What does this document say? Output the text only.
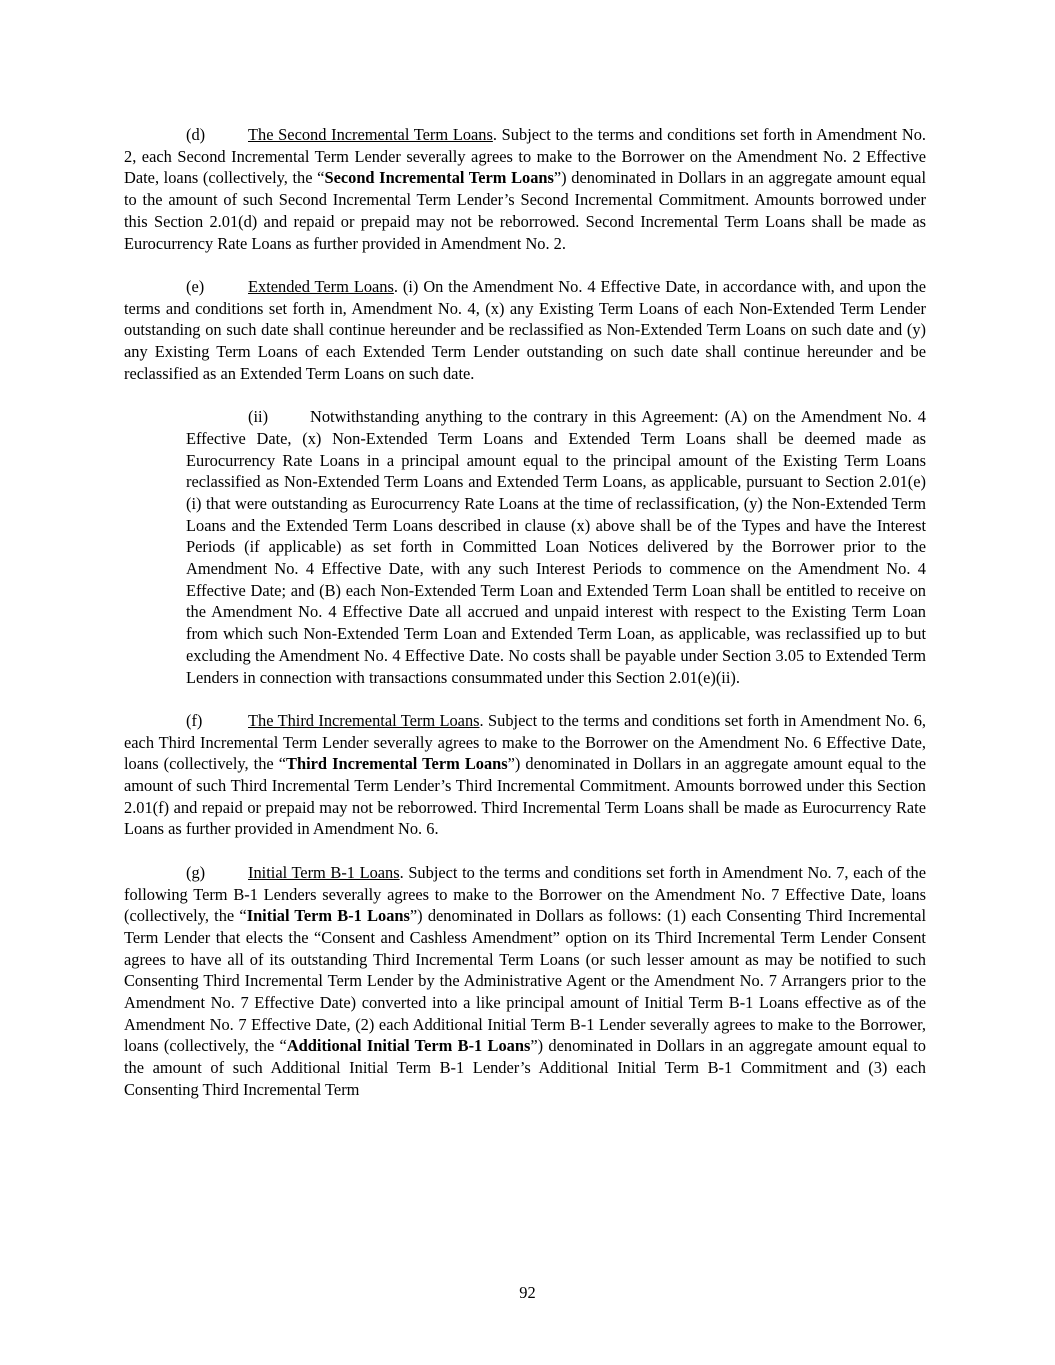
(d)	The Second Incremental Term Loans. Subject to the terms and conditions set forth in Amendment No. 2, each Second Incremental Term Lender severally agrees to make to the Borrower on the Amendment No. 2 Effective Date, loans (collectively, the “Second Incremental Term Loans”) denominated in Dollars in an aggregate amount equal to the amount of such Second Incremental Term Lender’s Second Incremental Commitment. Amounts borrowed under this Section 2.01(d) and repaid or prepaid may not be reborrowed. Second Incremental Term Loans shall be made as Eurocurrency Rate Loans as further provided in Amendment No. 2.

(e)	Extended Term Loans. (i) On the Amendment No. 4 Effective Date, in accordance with, and upon the terms and conditions set forth in, Amendment No. 4, (x) any Existing Term Loans of each Non-Extended Term Lender outstanding on such date shall continue hereunder and be reclassified as Non-Extended Term Loans on such date and (y) any Existing Term Loans of each Extended Term Lender outstanding on such date shall continue hereunder and be reclassified as an Extended Term Loans on such date.

(ii)	Notwithstanding anything to the contrary in this Agreement: (A) on the Amendment No. 4 Effective Date, (x) Non-Extended Term Loans and Extended Term Loans shall be deemed made as Eurocurrency Rate Loans in a principal amount equal to the principal amount of the Existing Term Loans reclassified as Non-Extended Term Loans and Extended Term Loans, as applicable, pursuant to Section 2.01(e)(i) that were outstanding as Eurocurrency Rate Loans at the time of reclassification, (y) the Non-Extended Term Loans and the Extended Term Loans described in clause (x) above shall be of the Types and have the Interest Periods (if applicable) as set forth in Committed Loan Notices delivered by the Borrower prior to the Amendment No. 4 Effective Date, with any such Interest Periods to commence on the Amendment No. 4 Effective Date; and (B) each Non-Extended Term Loan and Extended Term Loan shall be entitled to receive on the Amendment No. 4 Effective Date all accrued and unpaid interest with respect to the Existing Term Loan from which such Non-Extended Term Loan and Extended Term Loan, as applicable, was reclassified up to but excluding the Amendment No. 4 Effective Date. No costs shall be payable under Section 3.05 to Extended Term Lenders in connection with transactions consummated under this Section 2.01(e)(ii).

(f)	The Third Incremental Term Loans. Subject to the terms and conditions set forth in Amendment No. 6, each Third Incremental Term Lender severally agrees to make to the Borrower on the Amendment No. 6 Effective Date, loans (collectively, the “Third Incremental Term Loans”) denominated in Dollars in an aggregate amount equal to the amount of such Third Incremental Term Lender’s Third Incremental Commitment. Amounts borrowed under this Section 2.01(f) and repaid or prepaid may not be reborrowed. Third Incremental Term Loans shall be made as Eurocurrency Rate Loans as further provided in Amendment No. 6.

(g)	Initial Term B-1 Loans. Subject to the terms and conditions set forth in Amendment No. 7, each of the following Term B-1 Lenders severally agrees to make to the Borrower on the Amendment No. 7 Effective Date, loans (collectively, the “Initial Term B-1 Loans”) denominated in Dollars as follows: (1) each Consenting Third Incremental Term Lender that elects the “Consent and Cashless Amendment” option on its Third Incremental Term Lender Consent agrees to have all of its outstanding Third Incremental Term Loans (or such lesser amount as may be notified to such Consenting Third Incremental Term Lender by the Administrative Agent or the Amendment No. 7 Arrangers prior to the Amendment No. 7 Effective Date) converted into a like principal amount of Initial Term B-1 Loans effective as of the Amendment No. 7 Effective Date, (2) each Additional Initial Term B-1 Lender severally agrees to make to the Borrower, loans (collectively, the “Additional Initial Term B-1 Loans”) denominated in Dollars in an aggregate amount equal to the amount of such Additional Initial Term B-1 Lender’s Additional Initial Term B-1 Commitment and (3) each Consenting Third Incremental Term

92
